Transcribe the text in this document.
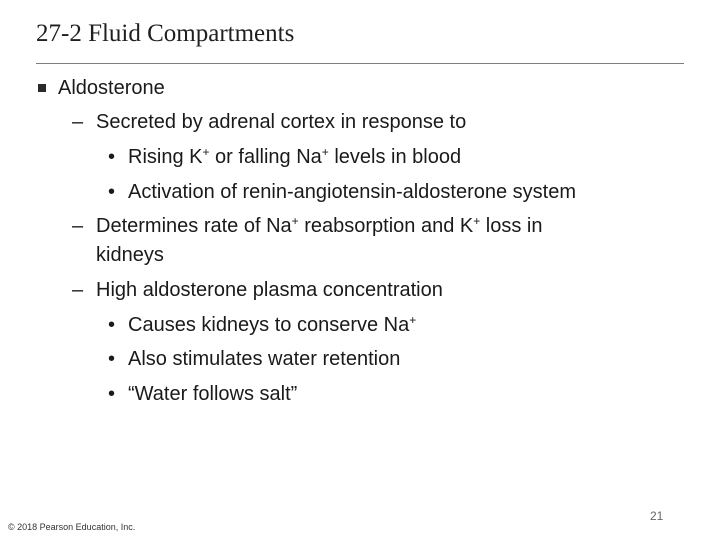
27-2 Fluid Compartments
Aldosterone
– Secreted by adrenal cortex in response to
• Rising K+ or falling Na+ levels in blood
• Activation of renin-angiotensin-aldosterone system
– Determines rate of Na+ reabsorption and K+ loss in
kidneys
– High aldosterone plasma concentration
• Causes kidneys to conserve Na+
• Also stimulates water retention
• “Water follows salt”
21
© 2018 Pearson Education, Inc.
